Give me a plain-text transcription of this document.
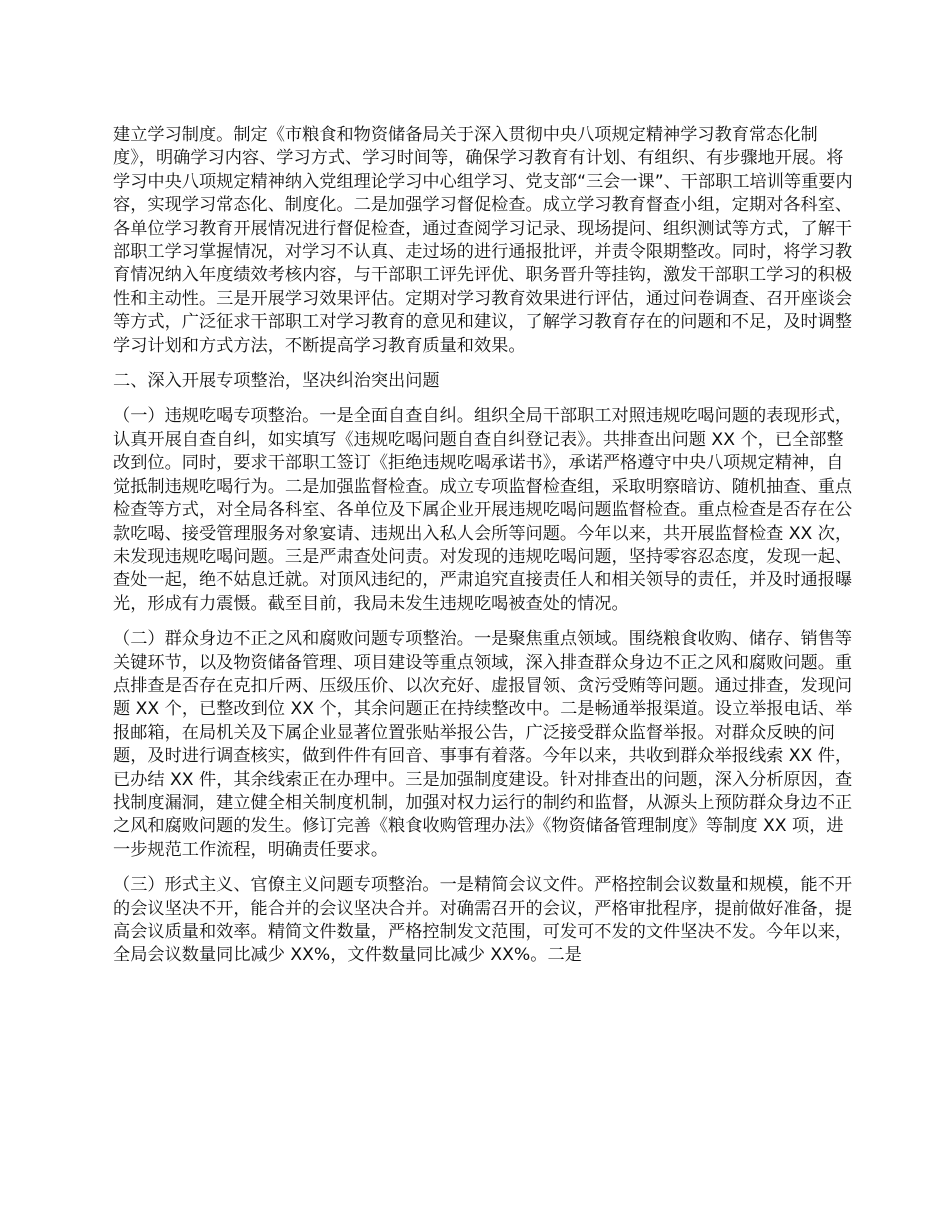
建立学习制度。制定《市粮食和物资储备局关于深入贯彻中央八项规定精神学习教育常态化制度》，明确学习内容、学习方式、学习时间等，确保学习教育有计划、有组织、有步骤地开展。将学习中央八项规定精神纳入党组理论学习中心组学习、党支部“三会一课”、干部职工培训等重要内容，实现学习常态化、制度化。二是加强学习督促检查。成立学习教育督查小组，定期对各科室、各单位学习教育开展情况进行督促检查，通过查阅学习记录、现场提问、组织测试等方式，了解干部职工学习掌握情况，对学习不认真、走过场的进行通报批评，并责令限期整改。同时，将学习教育情况纳入年度绩效考核内容，与干部职工评先评优、职务晋升等挂钩，激发干部职工学习的积极性和主动性。三是开展学习效果评估。定期对学习教育效果进行评估，通过问卷调查、召开座谈会等方式，广泛征求干部职工对学习教育的意见和建议，了解学习教育存在的问题和不足，及时调整学习计划和方式方法，不断提高学习教育质量和效果。

二、深入开展专项整治，坚决纠治突出问题

（一）违规吃喝专项整治。一是全面自查自纠。组织全局干部职工对照违规吃喝问题的表现形式，认真开展自查自纠，如实填写《违规吃喝问题自查自纠登记表》。共排查出问题 XX 个，已全部整改到位。同时，要求干部职工签订《拒绝违规吃喝承诺书》，承诺严格遵守中央八项规定精神，自觉抵制违规吃喝行为。二是加强监督检查。成立专项监督检查组，采取明察暗访、随机抽查、重点检查等方式，对全局各科室、各单位及下属企业开展违规吃喝问题监督检查。重点检查是否存在公款吃喝、接受管理服务对象宴请、违规出入私人会所等问题。今年以来，共开展监督检查 XX 次，未发现违规吃喝问题。三是严肃查处问责。对发现的违规吃喝问题，坚持零容忍态度，发现一起、查处一起，绝不姑息迁就。对顶风违纪的，严肃追究直接责任人和相关领导的责任，并及时通报曝光，形成有力震慑。截至目前，我局未发生违规吃喝被查处的情况。

（二）群众身边不正之风和腐败问题专项整治。一是聚焦重点领域。围绕粮食收购、储存、销售等关键环节，以及物资储备管理、项目建设等重点领域，深入排查群众身边不正之风和腐败问题。重点排查是否存在克扣斤两、压级压价、以次充好、虚报冒领、贪污受贿等问题。通过排查，发现问题 XX 个，已整改到位 XX 个，其余问题正在持续整改中。二是畅通举报渠道。设立举报电话、举报邮箱，在局机关及下属企业显著位置张贴举报公告，广泛接受群众监督举报。对群众反映的问题，及时进行调查核实，做到件件有回音、事事有着落。今年以来，共收到群众举报线索 XX 件，已办结 XX 件，其余线索正在办理中。三是加强制度建设。针对排查出的问题，深入分析原因，查找制度漏洞，建立健全相关制度机制，加强对权力运行的制约和监督，从源头上预防群众身边不正之风和腐败问题的发生。修订完善《粮食收购管理办法》《物资储备管理制度》等制度 XX 项，进一步规范工作流程，明确责任要求。

（三）形式主义、官僚主义问题专项整治。一是精简会议文件。严格控制会议数量和规模，能不开的会议坚决不开，能合并的会议坚决合并。对确需召开的会议，严格审批程序，提前做好准备，提高会议质量和效率。精简文件数量，严格控制发文范围，可发可不发的文件坚决不发。今年以来，全局会议数量同比减少 XX%，文件数量同比减少 XX%。二是
